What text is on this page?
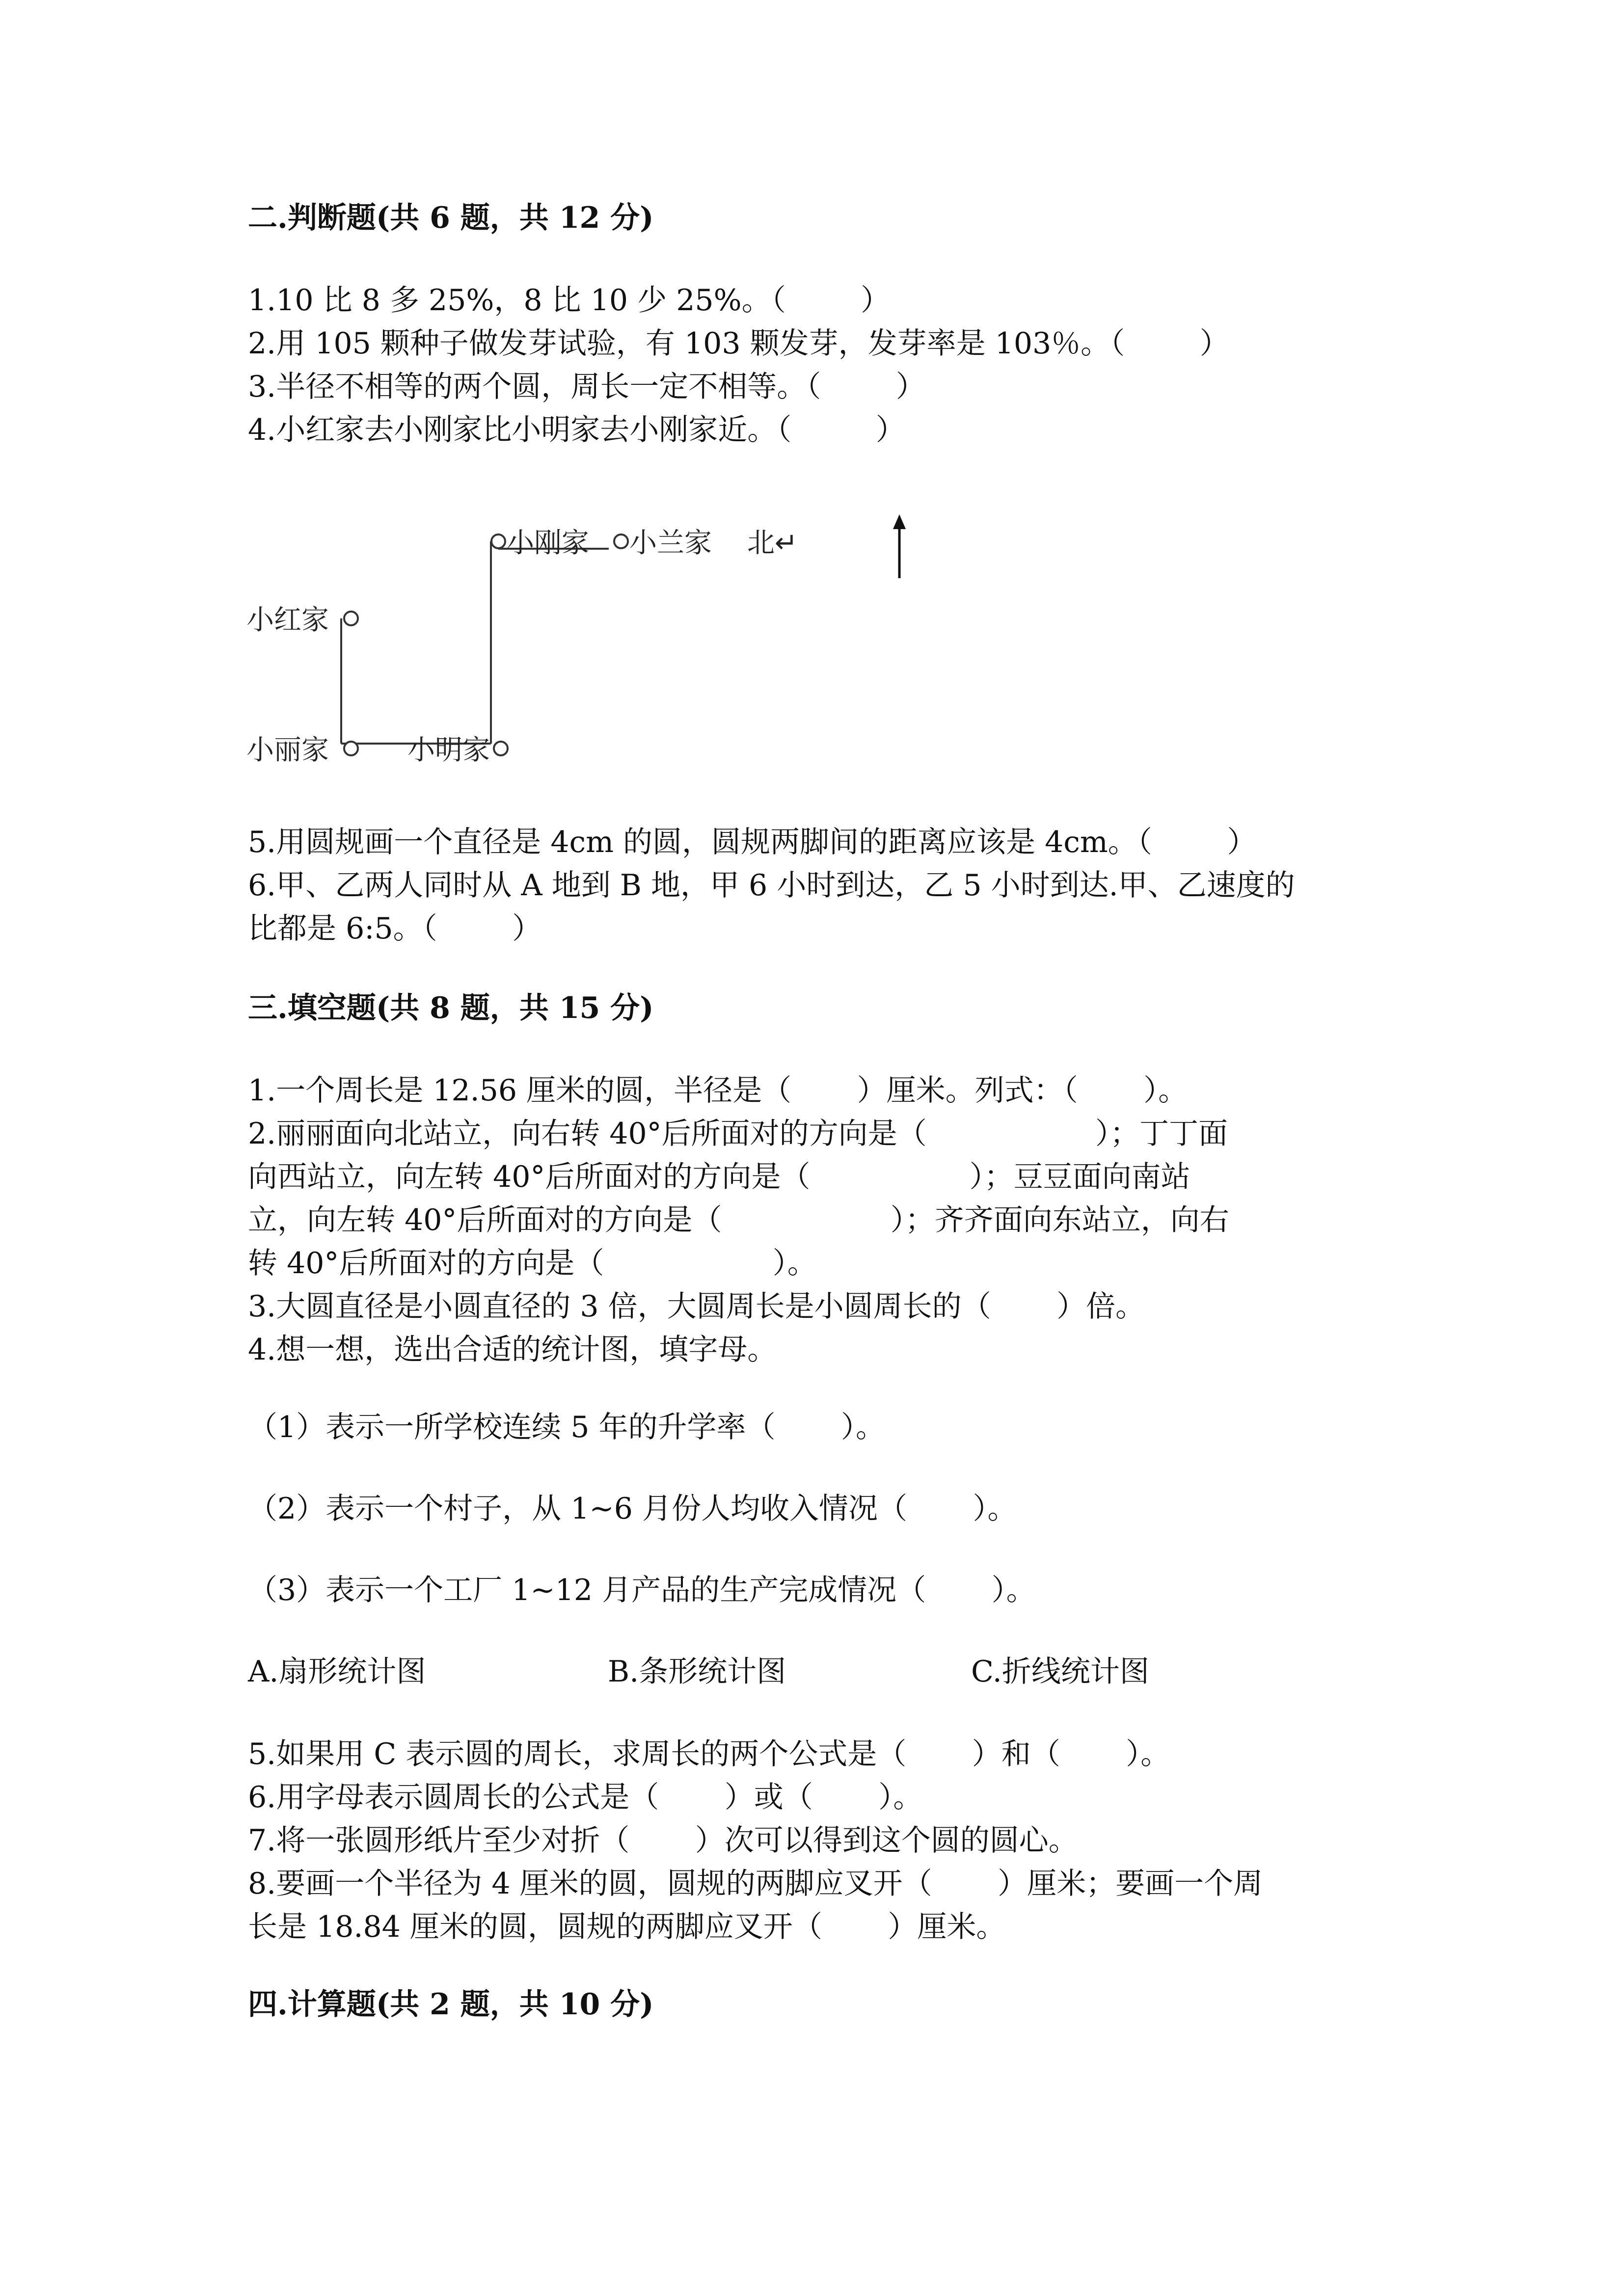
二.判断题(共 6 题，共 12 分)

1.10 比 8 多 25%，8 比 10 少 25%。（        ）

2.用 105 颗种子做发芽试验，有 103 颗发芽，发芽率是 103％。（        ）

3.半径不相等的两个圆，周长一定不相等。（        ）

4.小红家去小刚家比小明家去小刚家近。（         ）

小刚家 小兰家 北↵
小红家
小丽家	小明家

5.用圆规画一个直径是 4cm 的圆，圆规两脚间的距离应该是 4cm。（        ）

6.甲、乙两人同时从 A 地到 B 地，甲 6 小时到达，乙 5 小时到达.甲、乙速度的

比都是 6:5。（        ）

三.填空题(共 8 题，共 15 分)

1.一个周长是 12.56 厘米的圆，半径是（       ）厘米。列式：（       ）。

2.丽丽面向北站立，向右转 40°后所面对的方向是（                  ）；丁丁面

向西站立，向左转 40°后所面对的方向是（                 ）；豆豆面向南站

立，向左转 40°后所面对的方向是（                  ）；齐齐面向东站立，向右

转 40°后所面对的方向是（                  ）。

3.大圆直径是小圆直径的 3 倍，大圆周长是小圆周长的（       ）倍。

4.想一想，选出合适的统计图，填字母。

（1）表示一所学校连续 5 年的升学率（       ）。

（2）表示一个村子，从 1~6 月份人均收入情况（       ）。

（3）表示一个工厂 1~12 月产品的生产完成情况（       ）。

A.扇形统计图	B.条形统计图	C.折线统计图

5.如果用 C 表示圆的周长，求周长的两个公式是（       ）和（       ）。

6.用字母表示圆周长的公式是（       ）或（       ）。

7.将一张圆形纸片至少对折（       ）次可以得到这个圆的圆心。

8.要画一个半径为 4 厘米的圆，圆规的两脚应叉开（       ）厘米；要画一个周

长是 18.84 厘米的圆，圆规的两脚应叉开（       ）厘米。

四.计算题(共 2 题，共 10 分)
